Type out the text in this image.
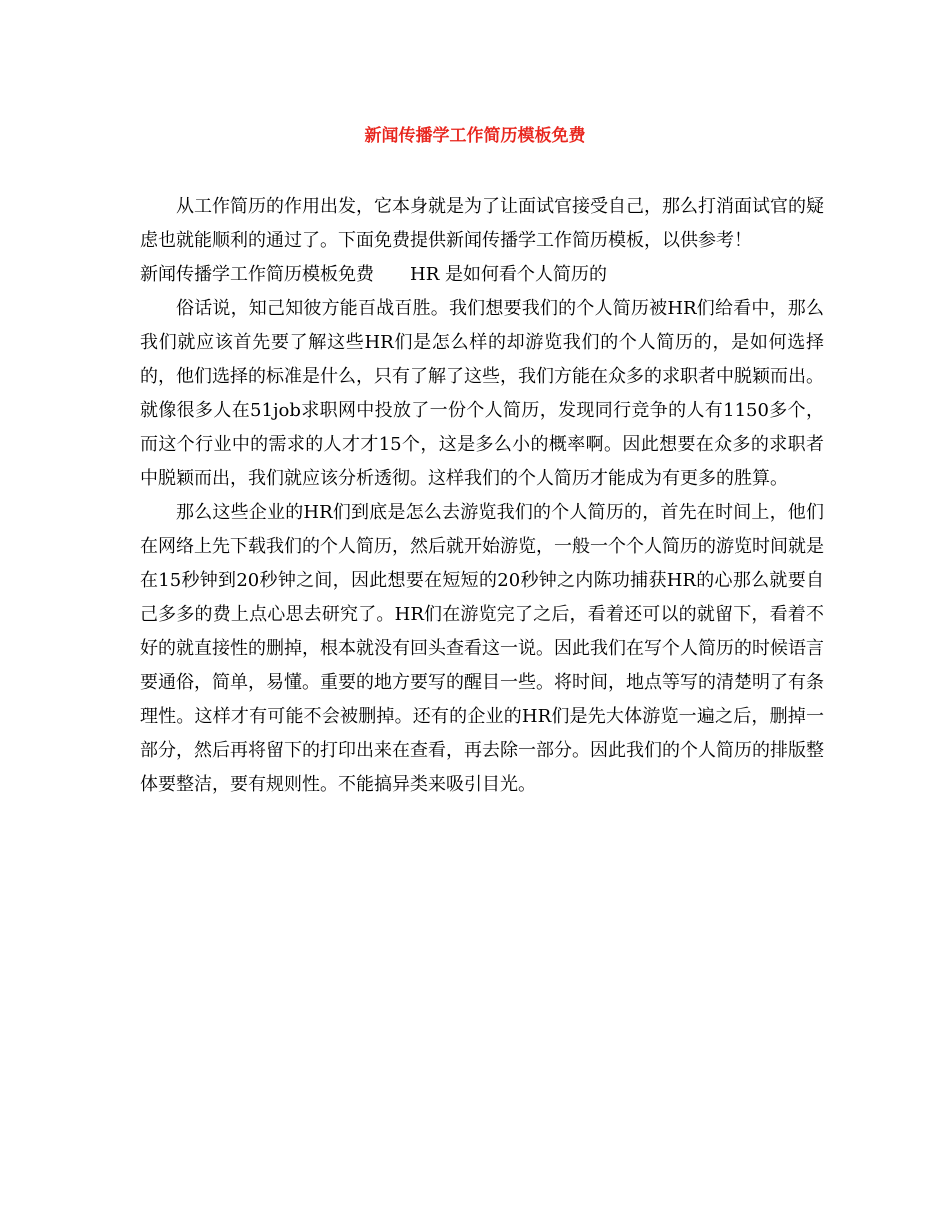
新闻传播学工作简历模板免费

从工作简历的作用出发，它本身就是为了让面试官接受自己，那么打消面试官的疑虑也就能顺利的通过了。下面免费提供新闻传播学工作简历模板，以供参考！

新闻传播学工作简历模板免费 HR 是如何看个人简历的

俗话说，知己知彼方能百战百胜。我们想要我们的个人简历被HR们给看中，那么我们就应该首先要了解这些HR们是怎么样的却游览我们的个人简历的，是如何选择的，他们选择的标准是什么，只有了解了这些，我们方能在众多的求职者中脱颖而出。就像很多人在51job求职网中投放了一份个人简历，发现同行竞争的人有1150多个，而这个行业中的需求的人才才15个，这是多么小的概率啊。因此想要在众多的求职者中脱颖而出，我们就应该分析透彻。这样我们的个人简历才能成为有更多的胜算。

那么这些企业的HR们到底是怎么去游览我们的个人简历的，首先在时间上，他们在网络上先下载我们的个人简历，然后就开始游览，一般一个个人简历的游览时间就是在15秒钟到20秒钟之间，因此想要在短短的20秒钟之内陈功捕获HR的心那么就要自己多多的费上点心思去研究了。HR们在游览完了之后，看着还可以的就留下，看着不好的就直接性的删掉，根本就没有回头查看这一说。因此我们在写个人简历的时候语言要通俗，简单，易懂。重要的地方要写的醒目一些。将时间，地点等写的清楚明了有条理性。这样才有可能不会被删掉。还有的企业的HR们是先大体游览一遍之后，删掉一部分，然后再将留下的打印出来在查看，再去除一部分。因此我们的个人简历的排版整体要整洁，要有规则性。不能搞异类来吸引目光。
